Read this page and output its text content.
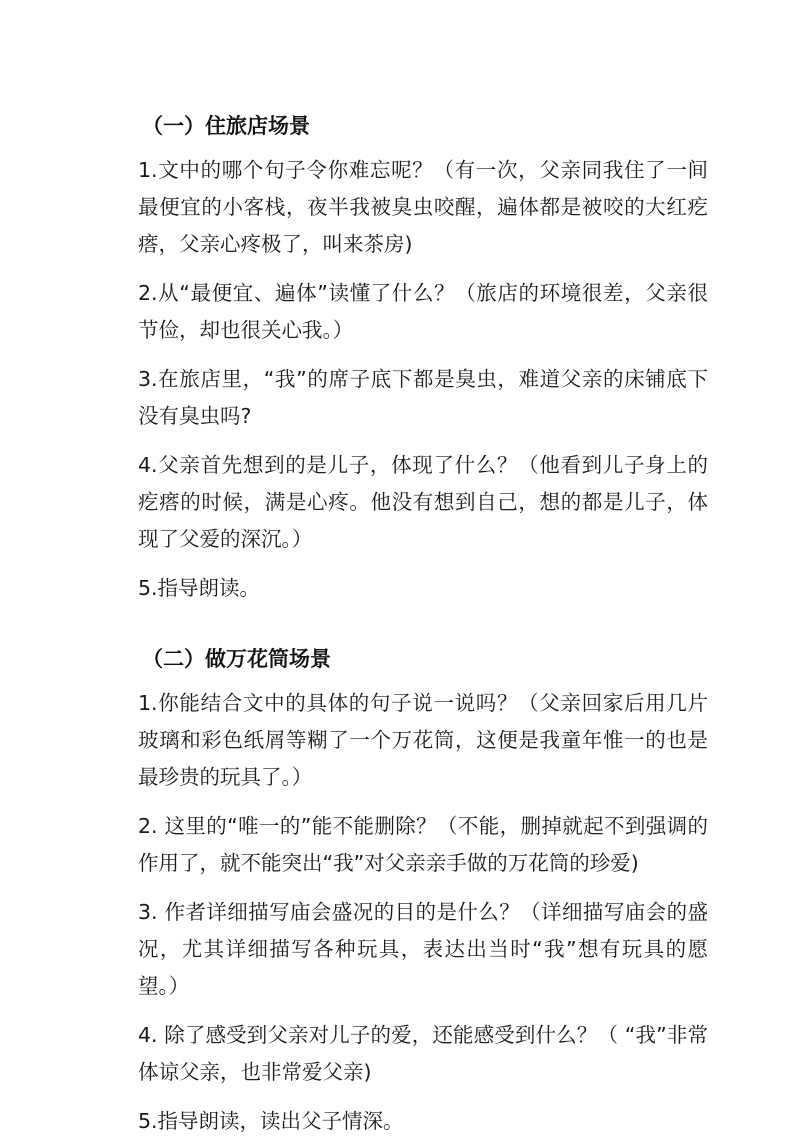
（一）住旅店场景

1.文中的哪个句子令你难忘呢？（有一次，父亲同我住了一间最便宜的小客栈，夜半我被臭虫咬醒，遍体都是被咬的大红疙瘩，父亲心疼极了，叫来茶房)

2.从“最便宜、遍体”读懂了什么？（旅店的环境很差，父亲很节俭，却也很关心我。）

3.在旅店里，“我”的席子底下都是臭虫，难道父亲的床铺底下没有臭虫吗?

4.父亲首先想到的是儿子，体现了什么？（他看到儿子身上的疙瘩的时候，满是心疼。他没有想到自己，想的都是儿子，体现了父爱的深沉。）

5.指导朗读。

（二）做万花筒场景

1.你能结合文中的具体的句子说一说吗？（父亲回家后用几片玻璃和彩色纸屑等糊了一个万花筒，这便是我童年惟一的也是最珍贵的玩具了。）

2. 这里的“唯一的”能不能删除？（不能，删掉就起不到强调的作用了，就不能突出“我”对父亲亲手做的万花筒的珍爱)

3. 作者详细描写庙会盛况的目的是什么？（详细描写庙会的盛况，尤其详细描写各种玩具，表达出当时“我”想有玩具的愿望。）

4. 除了感受到父亲对儿子的爱，还能感受到什么？（ “我”非常体谅父亲，也非常爱父亲)

5.指导朗读，读出父子情深。
